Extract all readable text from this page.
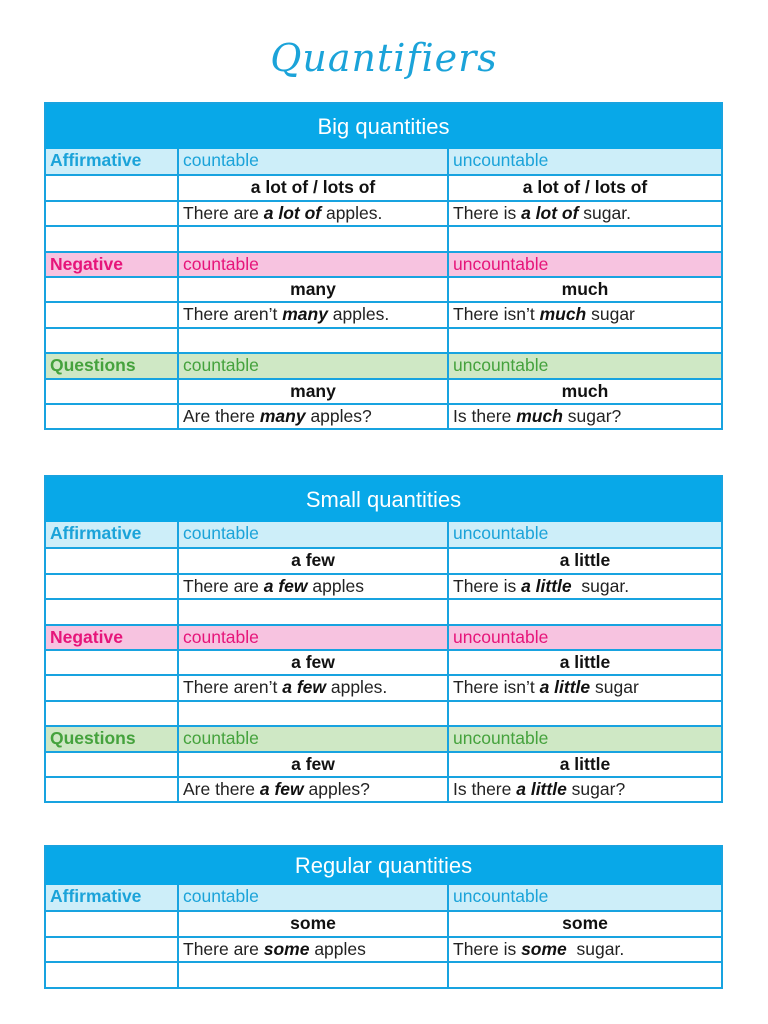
Quantifiers
Big quantities
Affirmative	countable	uncountable
a lot of / lots of	a lot of / lots of
There are a lot of apples.	There is a lot of sugar.
Negative	countable	uncountable
many	much
There aren’t many apples.	There isn’t much sugar
Questions	countable	uncountable
many	much
Are there many apples?	Is there much sugar?
Small quantities
Affirmative	countable	uncountable
a few	a little
There are a few apples	There is a little  sugar.
Negative	countable	uncountable
a few	a little
There aren’t a few apples.	There isn’t a little sugar
Questions	countable	uncountable
a few	a little
Are there a few apples?	Is there a little sugar?
Regular quantities
Affirmative	countable	uncountable
some	some
There are some apples	There is some  sugar.
